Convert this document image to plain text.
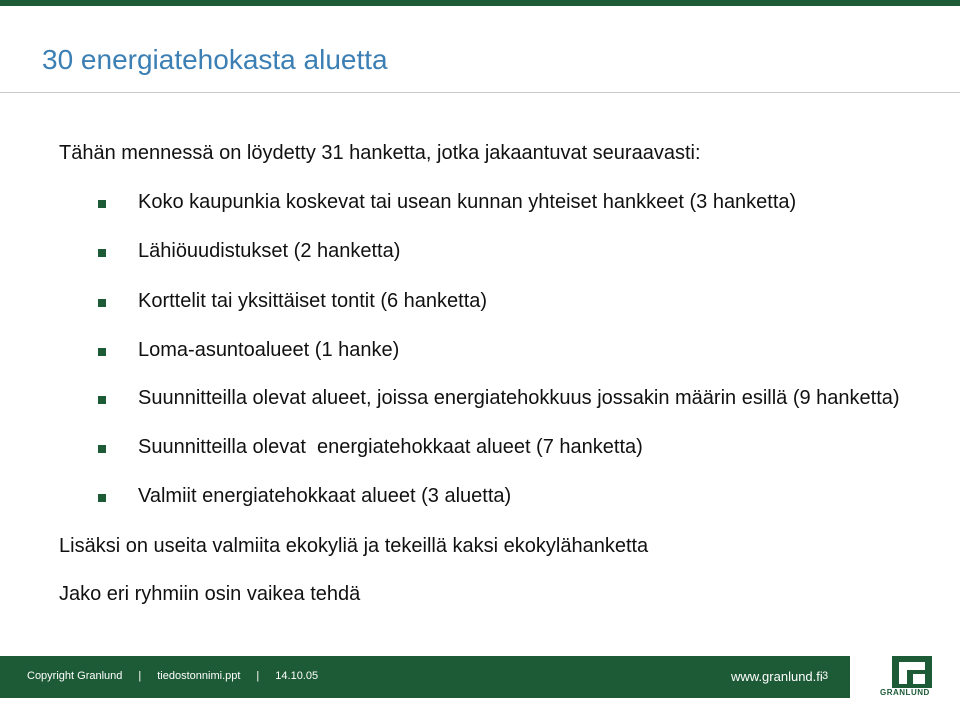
30 energiatehokasta aluetta
Tähän mennessä on löydetty 31 hanketta, jotka jakaantuvat seuraavasti:
Koko kaupunkia koskevat tai usean kunnan yhteiset hankkeet (3 hanketta)
Lähiöuudistukset (2 hanketta)
Korttelit tai yksittäiset tontit (6 hanketta)
Loma-asuntoalueet (1 hanke)
Suunnitteilla olevat alueet, joissa energiatehokkuus jossakin määrin esillä (9 hanketta)
Suunnitteilla olevat  energiatehokkaat alueet (7 hanketta)
Valmiit energiatehokkaat alueet (3 aluetta)
Lisäksi on useita valmiita ekokyliä ja tekeillä kaksi ekokylähanketta
Jako eri ryhmiin osin vaikea tehdä
Copyright Granlund | tiedostonnimi.ppt | 14.10.05	www.granlund.fi 3
GRANLUND
